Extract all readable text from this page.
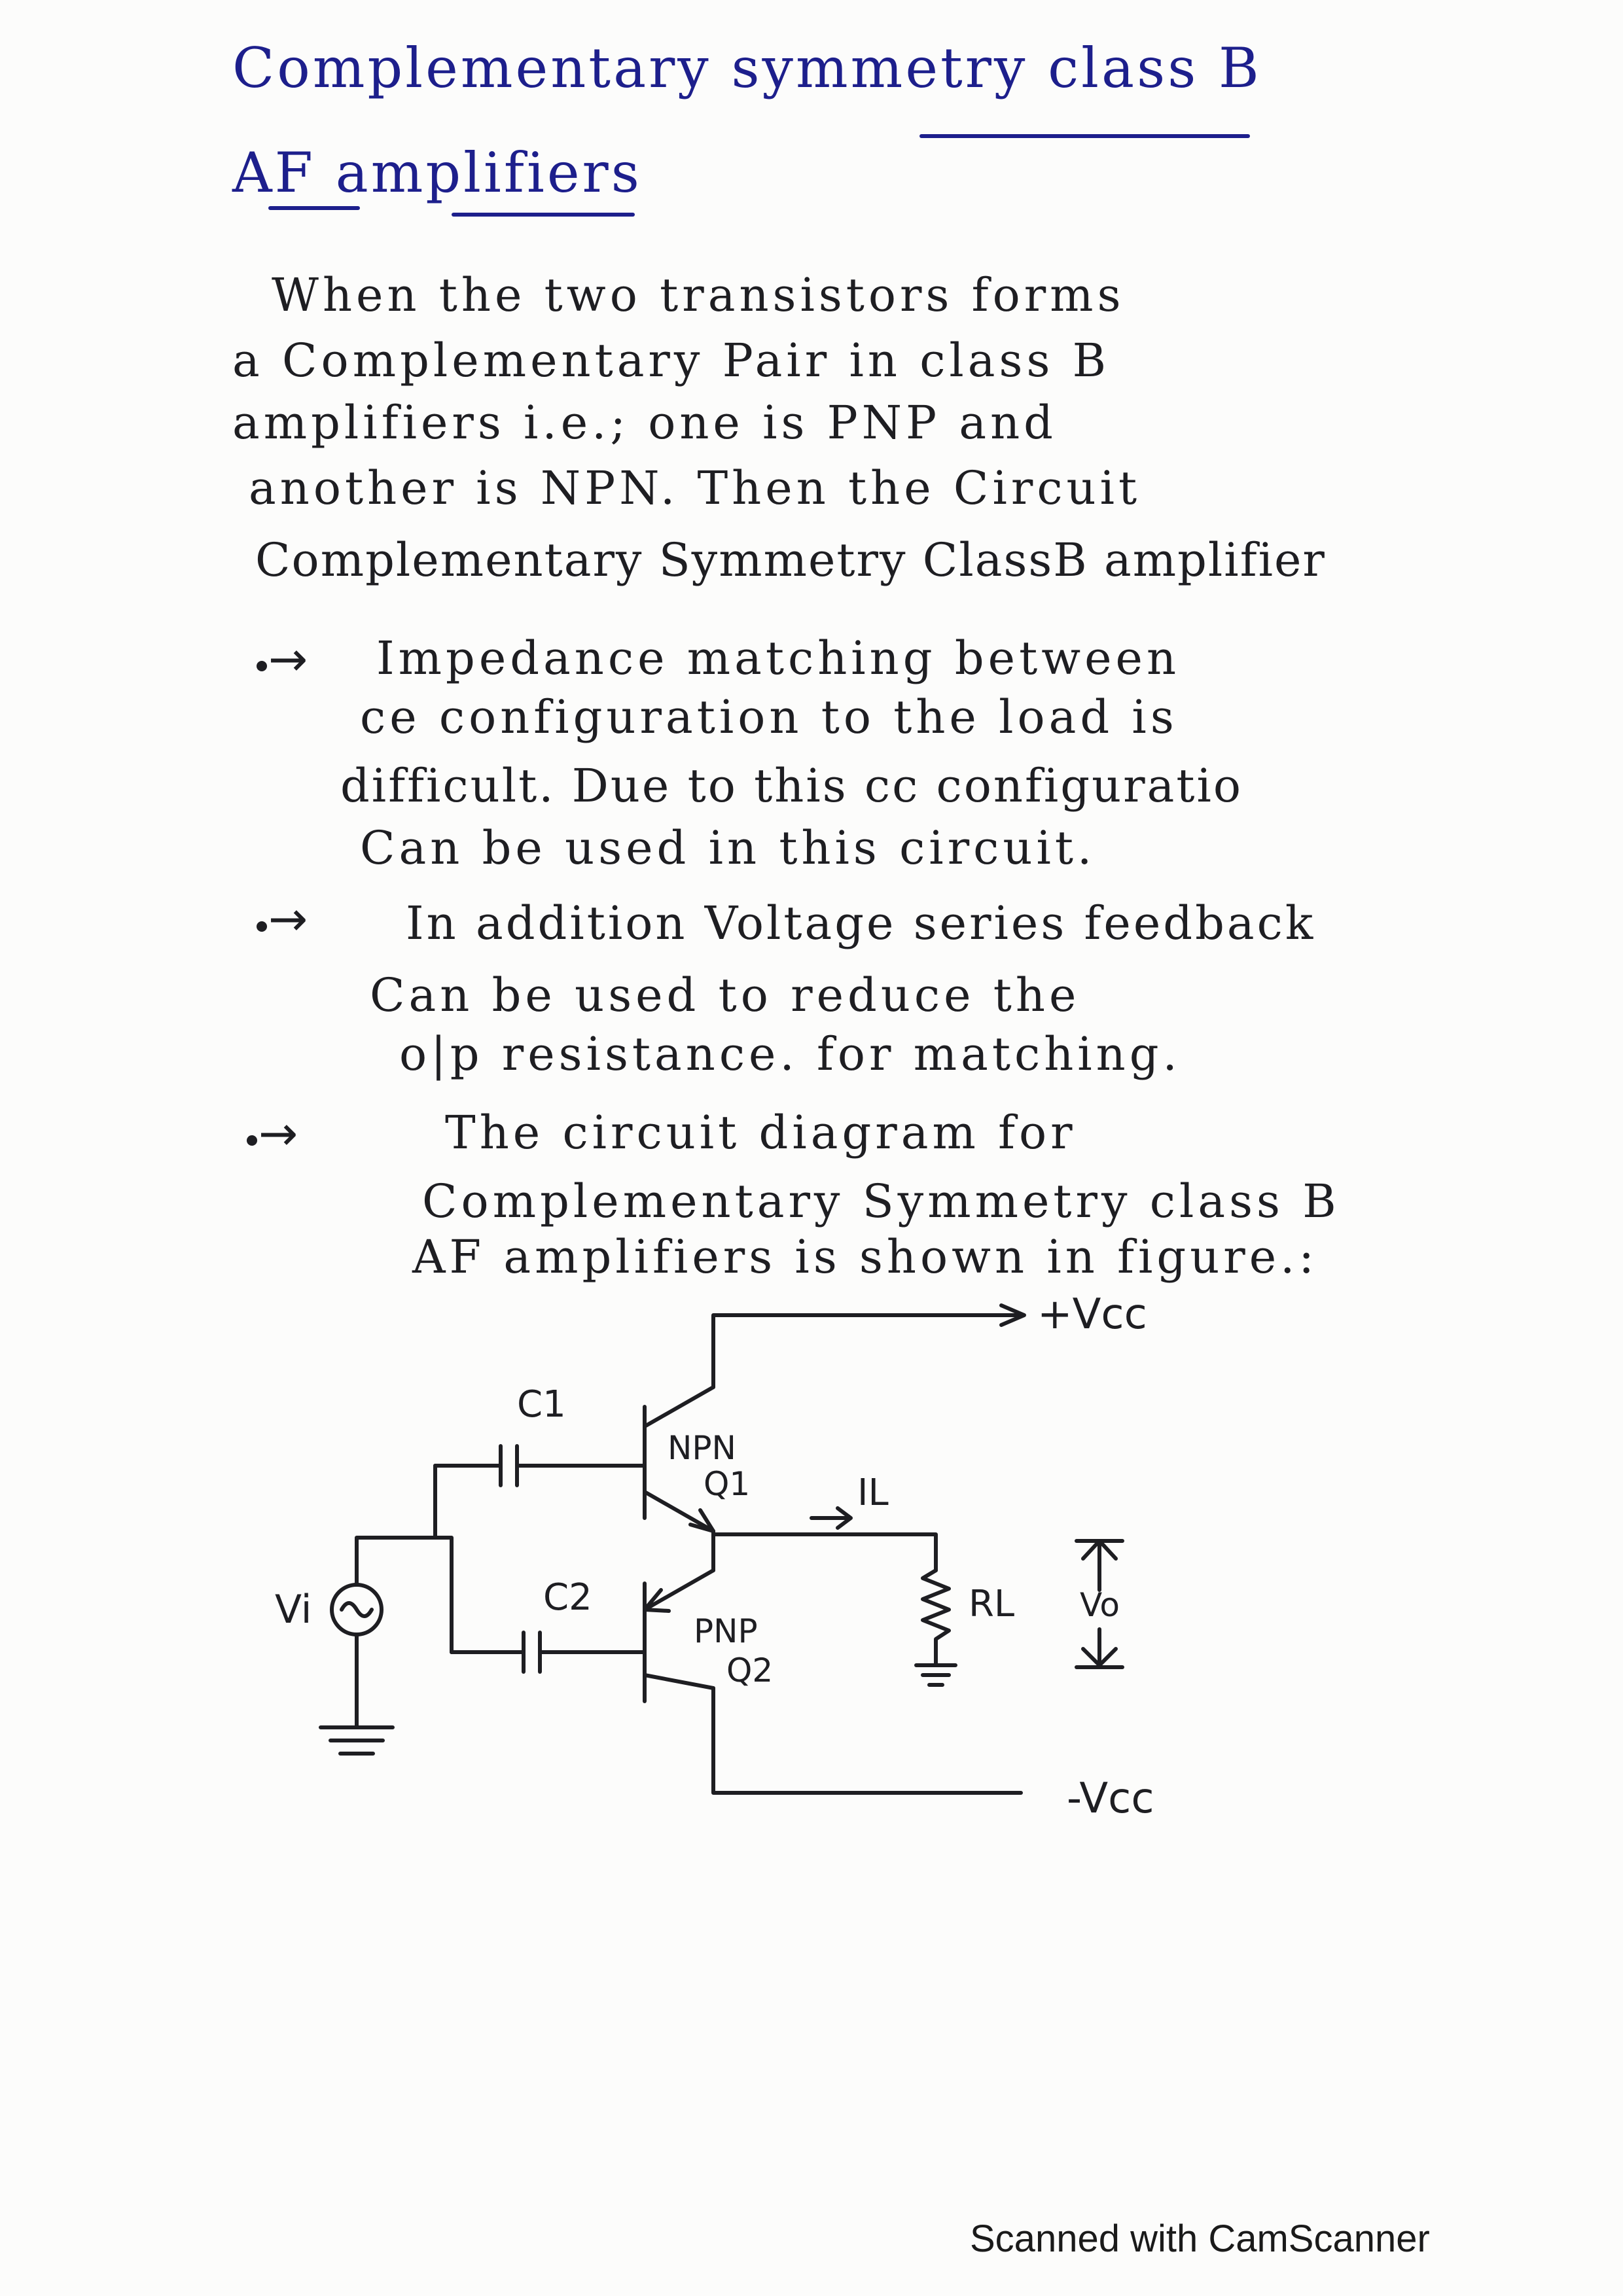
Complementary symmetry class B
AF amplifiers
When the two transistors forms
a Complementary Pair in class B
amplifiers i.e.; one is PNP and
another is NPN. Then the Circuit
Complementary Symmetry ClassB amplifier
→ Impedance matching between
ce configuration to the load is
difficult. Due to this cc configuratio
Can be used in this circuit.
→ In addition Voltage series feedback
Can be used to reduce the
o|p resistance. for matching.
→	The circuit diagram for
Complementary Symmetry class B
AF amplifiers is shown in figure.:
+Vcc
-Vcc
C1
C2
NPN
Q1
PNP
Q2
IL
RL Vo
Vi
Scanned with CamScanner
